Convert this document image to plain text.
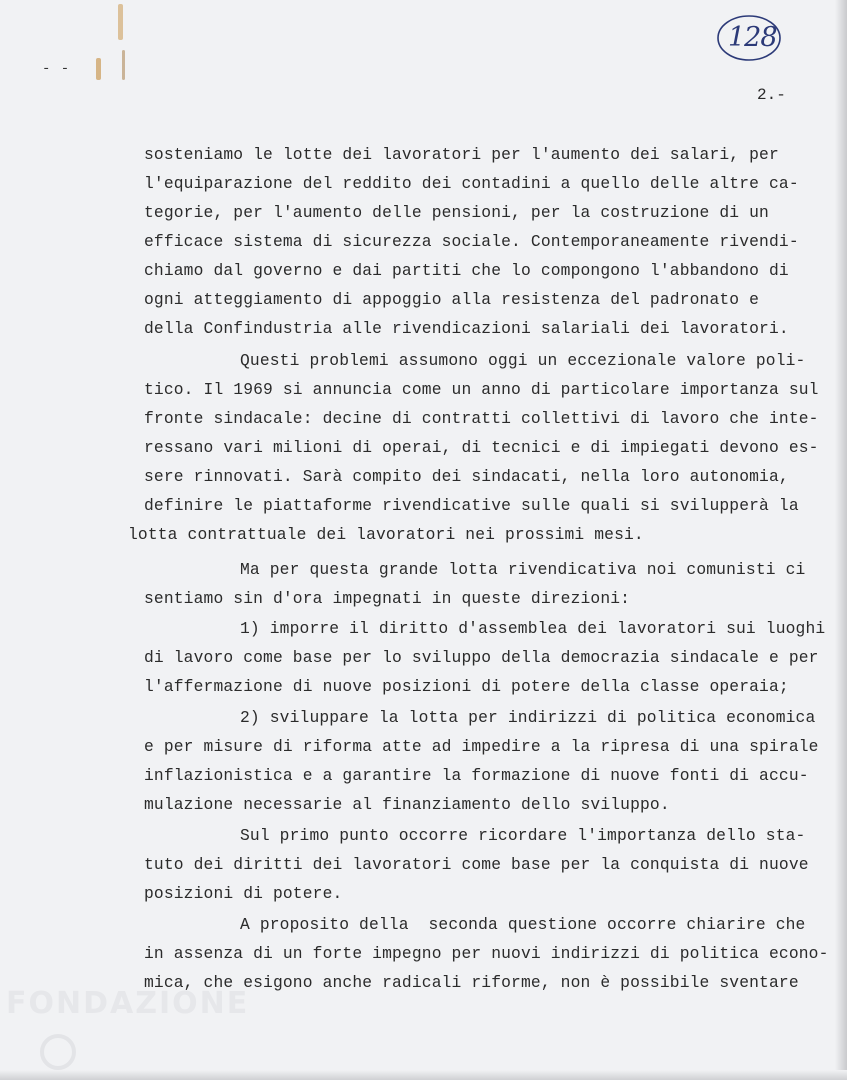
- -
128
2.-
sosteniamo le lotte dei lavoratori per l'aumento dei salari, per
l'equiparazione del reddito dei contadini a quello delle altre ca-
tegorie, per l'aumento delle pensioni, per la costruzione di un
efficace sistema di sicurezza sociale. Contemporaneamente rivendi-
chiamo dal governo e dai partiti che lo compongono l'abbandono di
ogni atteggiamento di appoggio alla resistenza del padronato e
della Confindustria alle rivendicazioni salariali dei lavoratori.
Questi problemi assumono oggi un eccezionale valore poli-
tico. Il 1969 si annuncia come un anno di particolare importanza sul
fronte sindacale: decine di contratti collettivi di lavoro che inte-
ressano vari milioni di operai, di tecnici e di impiegati devono es-
sere rinnovati. Sarà compito dei sindacati, nella loro autonomia,
definire le piattaforme rivendicative sulle quali si svilupperà la
lotta contrattuale dei lavoratori nei prossimi mesi.
Ma per questa grande lotta rivendicativa noi comunisti ci
sentiamo sin d'ora impegnati in queste direzioni:
1) imporre il diritto d'assemblea dei lavoratori sui luoghi
di lavoro come base per lo sviluppo della democrazia sindacale e per
l'affermazione di nuove posizioni di potere della classe operaia;
2) sviluppare la lotta per indirizzi di politica economica
e per misure di riforma atte ad impedire a la ripresa di una spirale
inflazionistica e a garantire la formazione di nuove fonti di accu-
mulazione necessarie al finanziamento dello sviluppo.
Sul primo punto occorre ricordare l'importanza dello sta-
tuto dei diritti dei lavoratori come base per la conquista di nuove
posizioni di potere.
A proposito della  seconda questione occorre chiarire che
in assenza di un forte impegno per nuovi indirizzi di politica econo-
mica, che esigono anche radicali riforme, non è possibile sventare
FONDAZIONE
